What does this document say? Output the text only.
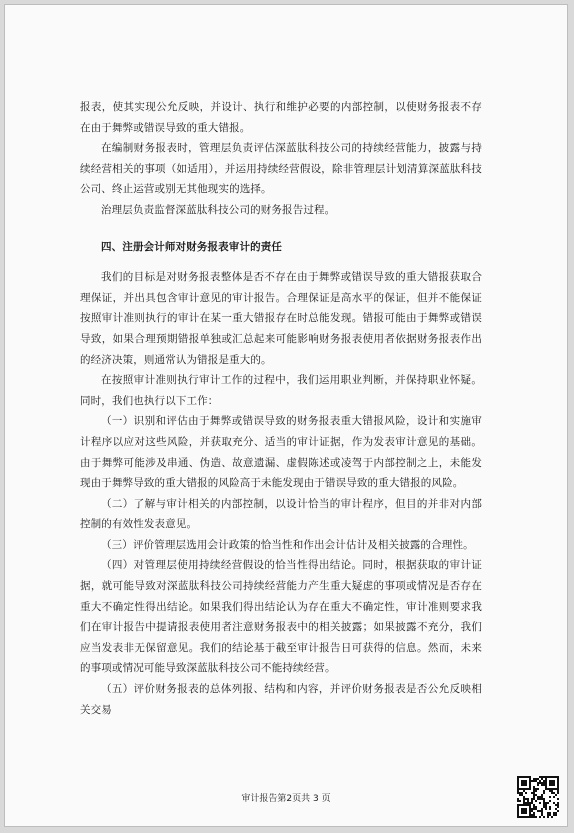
报表，使其实现公允反映，并设计、执行和维护必要的内部控制，以使财务报表不存在由于舞弊或错误导致的重大错报。

在编制财务报表时，管理层负责评估深蓝肽科技公司的持续经营能力，披露与持续经营相关的事项（如适用），并运用持续经营假设，除非管理层计划清算深蓝肽科技公司、终止运营或别无其他现实的选择。

治理层负责监督深蓝肽科技公司的财务报告过程。

四、注册会计师对财务报表审计的责任

我们的目标是对财务报表整体是否不存在由于舞弊或错误导致的重大错报获取合理保证，并出具包含审计意见的审计报告。合理保证是高水平的保证，但并不能保证按照审计准则执行的审计在某一重大错报存在时总能发现。错报可能由于舞弊或错误导致，如果合理预期错报单独或汇总起来可能影响财务报表使用者依据财务报表作出的经济决策，则通常认为错报是重大的。

在按照审计准则执行审计工作的过程中，我们运用职业判断，并保持职业怀疑。同时，我们也执行以下工作：

（一）识别和评估由于舞弊或错误导致的财务报表重大错报风险，设计和实施审计程序以应对这些风险，并获取充分、适当的审计证据，作为发表审计意见的基础。由于舞弊可能涉及串通、伪造、故意遗漏、虚假陈述或凌驾于内部控制之上，未能发现由于舞弊导致的重大错报的风险高于未能发现由于错误导致的重大错报的风险。

（二）了解与审计相关的内部控制，以设计恰当的审计程序，但目的并非对内部控制的有效性发表意见。

（三）评价管理层选用会计政策的恰当性和作出会计估计及相关披露的合理性。

（四）对管理层使用持续经营假设的恰当性得出结论。同时，根据获取的审计证据，就可能导致对深蓝肽科技公司持续经营能力产生重大疑虑的事项或情况是否存在重大不确定性得出结论。如果我们得出结论认为存在重大不确定性，审计准则要求我们在审计报告中提请报表使用者注意财务报表中的相关披露；如果披露不充分，我们应当发表非无保留意见。我们的结论基于截至审计报告日可获得的信息。然而，未来的事项或情况可能导致深蓝肽科技公司不能持续经营。

（五）评价财务报表的总体列报、结构和内容，并评价财务报表是否公允反映相关交易

审计报告第2页共 3 页
